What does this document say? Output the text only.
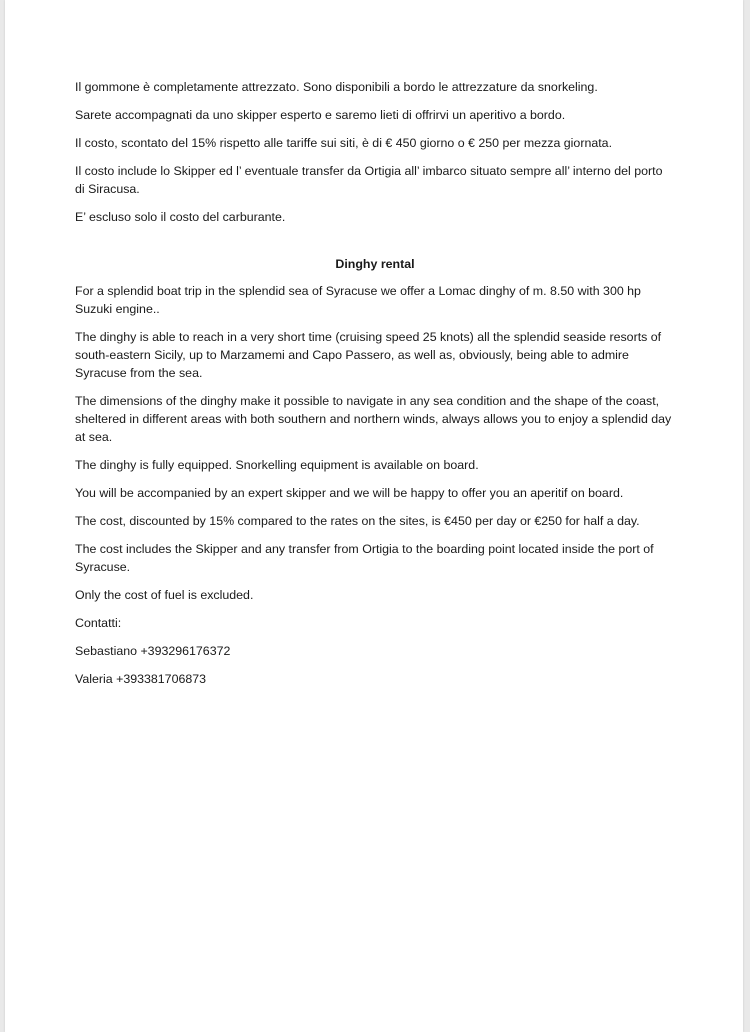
Il gommone è completamente attrezzato. Sono disponibili a bordo le attrezzature da snorkeling.

Sarete accompagnati da uno skipper esperto e saremo lieti di offrirvi un aperitivo a bordo.

Il costo, scontato del 15% rispetto alle tariffe sui siti, è di € 450 giorno o € 250 per mezza giornata.

Il costo include lo Skipper ed l’ eventuale transfer da Ortigia all’ imbarco situato sempre all’ interno del porto di Siracusa.

E’ escluso solo il costo del carburante.

Dinghy rental

For a splendid boat trip in the splendid sea of Syracuse we offer a Lomac dinghy of m. 8.50 with 300 hp Suzuki engine..

The dinghy is able to reach in a very short time (cruising speed 25 knots) all the splendid seaside resorts of south-eastern Sicily, up to Marzamemi and Capo Passero, as well as, obviously, being able to admire Syracuse from the sea.

The dimensions of the dinghy make it possible to navigate in any sea condition and the shape of the coast, sheltered in different areas with both southern and northern winds, always allows you to enjoy a splendid day at sea.

The dinghy is fully equipped. Snorkelling equipment is available on board.

You will be accompanied by an expert skipper and we will be happy to offer you an aperitif on board.

The cost, discounted by 15% compared to the rates on the sites, is €450 per day or €250 for half a day.

The cost includes the Skipper and any transfer from Ortigia to the boarding point located inside the port of Syracuse.

Only the cost of fuel is excluded.

Contatti:

Sebastiano +393296176372

Valeria +393381706873
